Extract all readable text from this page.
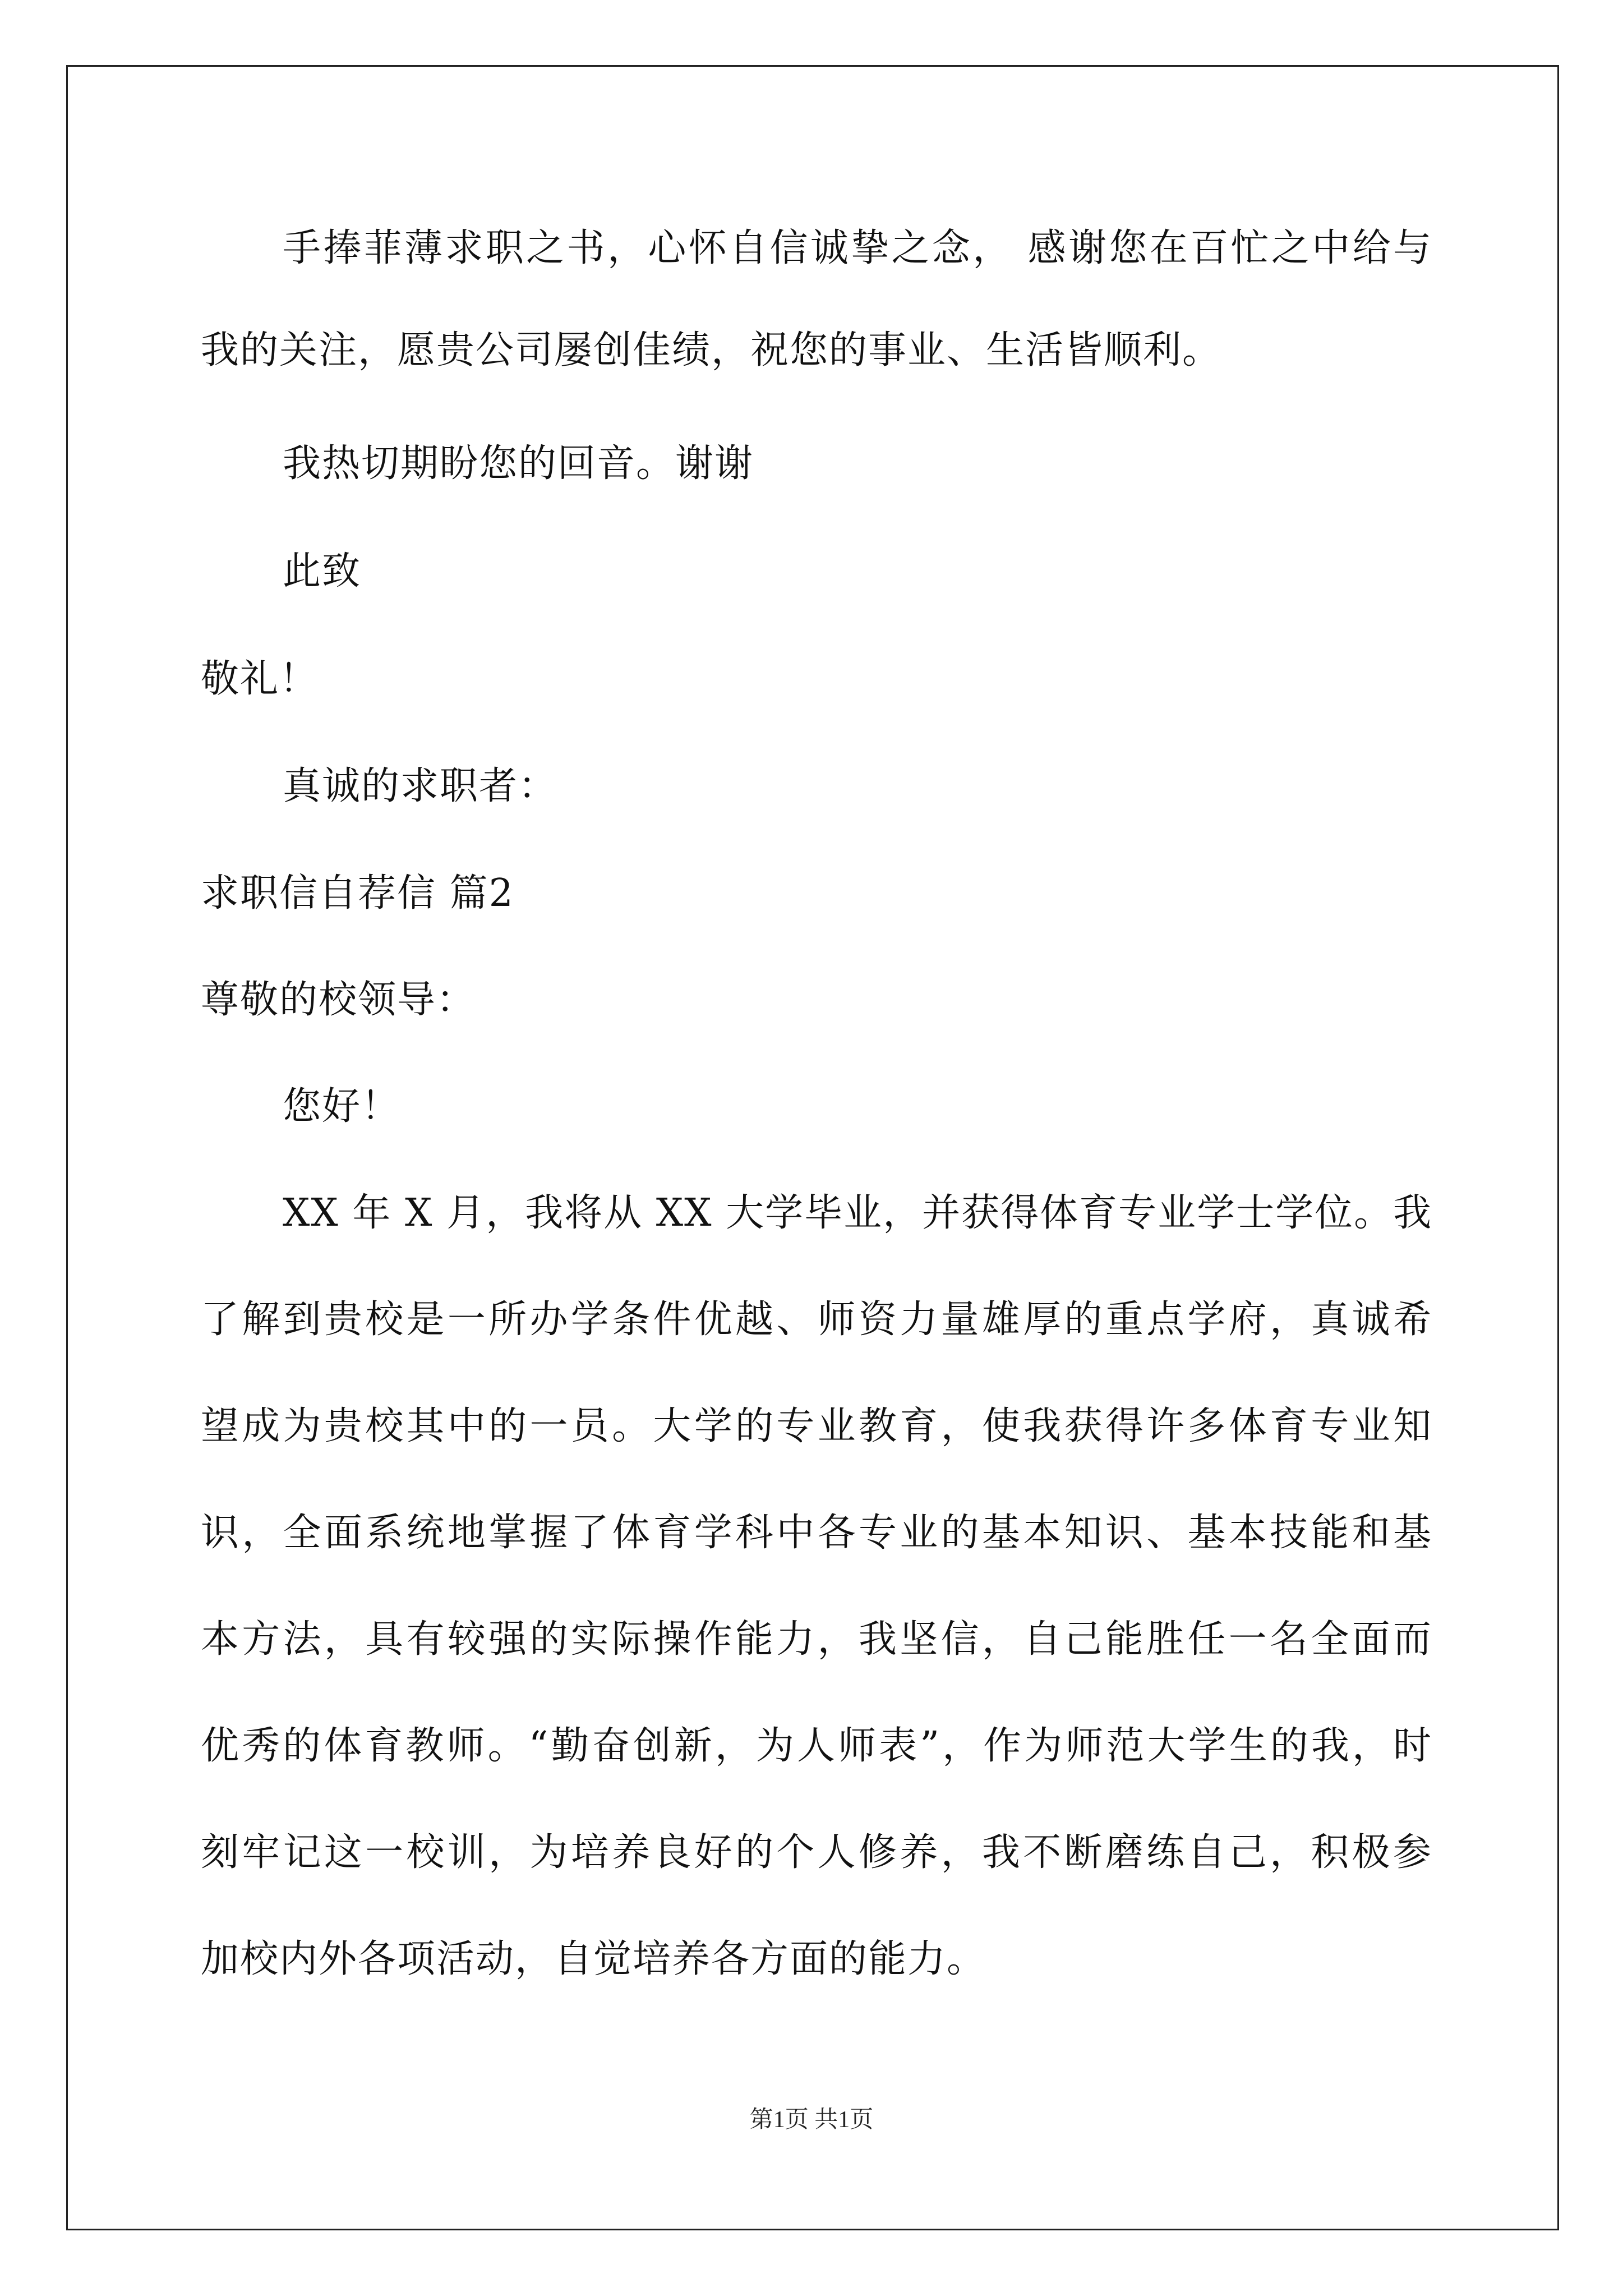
手捧菲薄求职之书，心怀自信诚挚之念， 感谢您在百忙之中给与
我的关注，愿贵公司屡创佳绩，祝您的事业、生活皆顺利。
我热切期盼您的回音。谢谢
此致
敬礼！
真诚的求职者：
求职信自荐信 篇2
尊敬的校领导：
您好！
XX 年 X 月，我将从 XX 大学毕业，并获得体育专业学士学位。我
了解到贵校是一所办学条件优越、师资力量雄厚的重点学府，真诚希
望成为贵校其中的一员。大学的专业教育，使我获得许多体育专业知
识，全面系统地掌握了体育学科中各专业的基本知识、基本技能和基
本方法，具有较强的实际操作能力，我坚信，自己能胜任一名全面而
优秀的体育教师。“勤奋创新，为人师表”，作为师范大学生的我，时
刻牢记这一校训，为培养良好的个人修养，我不断磨练自己，积极参
加校内外各项活动，自觉培养各方面的能力。
第1页 共1页
